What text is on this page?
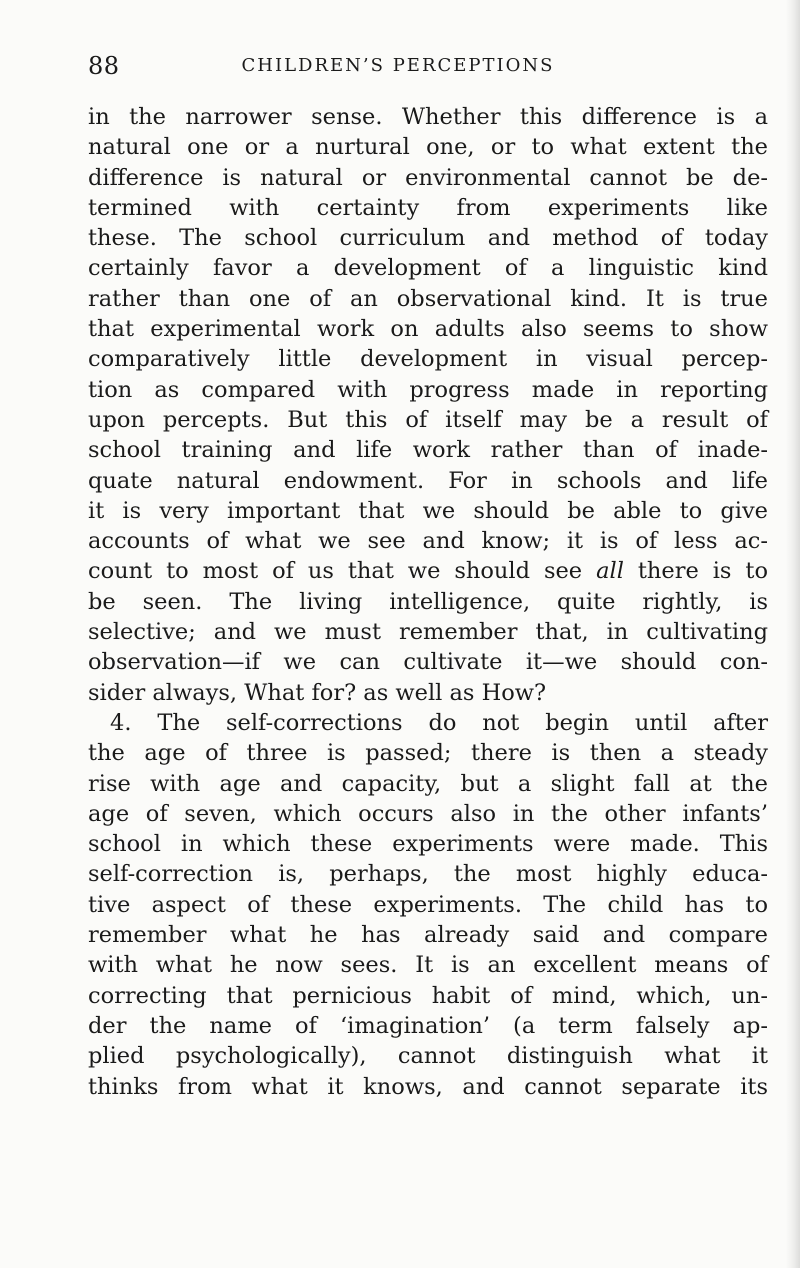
88	CHILDREN’S PERCEPTIONS
in the narrower sense. Whether this difference is a
natural one or a nurtural one, or to what extent the
difference is natural or environmental cannot be de-
termined with certainty from experiments like
these. The school curriculum and method of today
certainly favor a development of a linguistic kind
rather than one of an observational kind. It is true
that experimental work on adults also seems to show
comparatively little development in visual percep-
tion as compared with progress made in reporting
upon percepts. But this of itself may be a result of
school training and life work rather than of inade-
quate natural endowment. For in schools and life
it is very important that we should be able to give
accounts of what we see and know; it is of less ac-
count to most of us that we should see all there is to
be seen. The living intelligence, quite rightly, is
selective; and we must remember that, in cultivating
observation—if we can cultivate it—we should con-
sider always, What for? as well as How?
4. The self-corrections do not begin until after
the age of three is passed; there is then a steady
rise with age and capacity, but a slight fall at the
age of seven, which occurs also in the other infants’
school in which these experiments were made. This
self-correction is, perhaps, the most highly educa-
tive aspect of these experiments. The child has to
remember what he has already said and compare
with what he now sees. It is an excellent means of
correcting that pernicious habit of mind, which, un-
der the name of ‘imagination’ (a term falsely ap-
plied psychologically), cannot distinguish what it
thinks from what it knows, and cannot separate its
